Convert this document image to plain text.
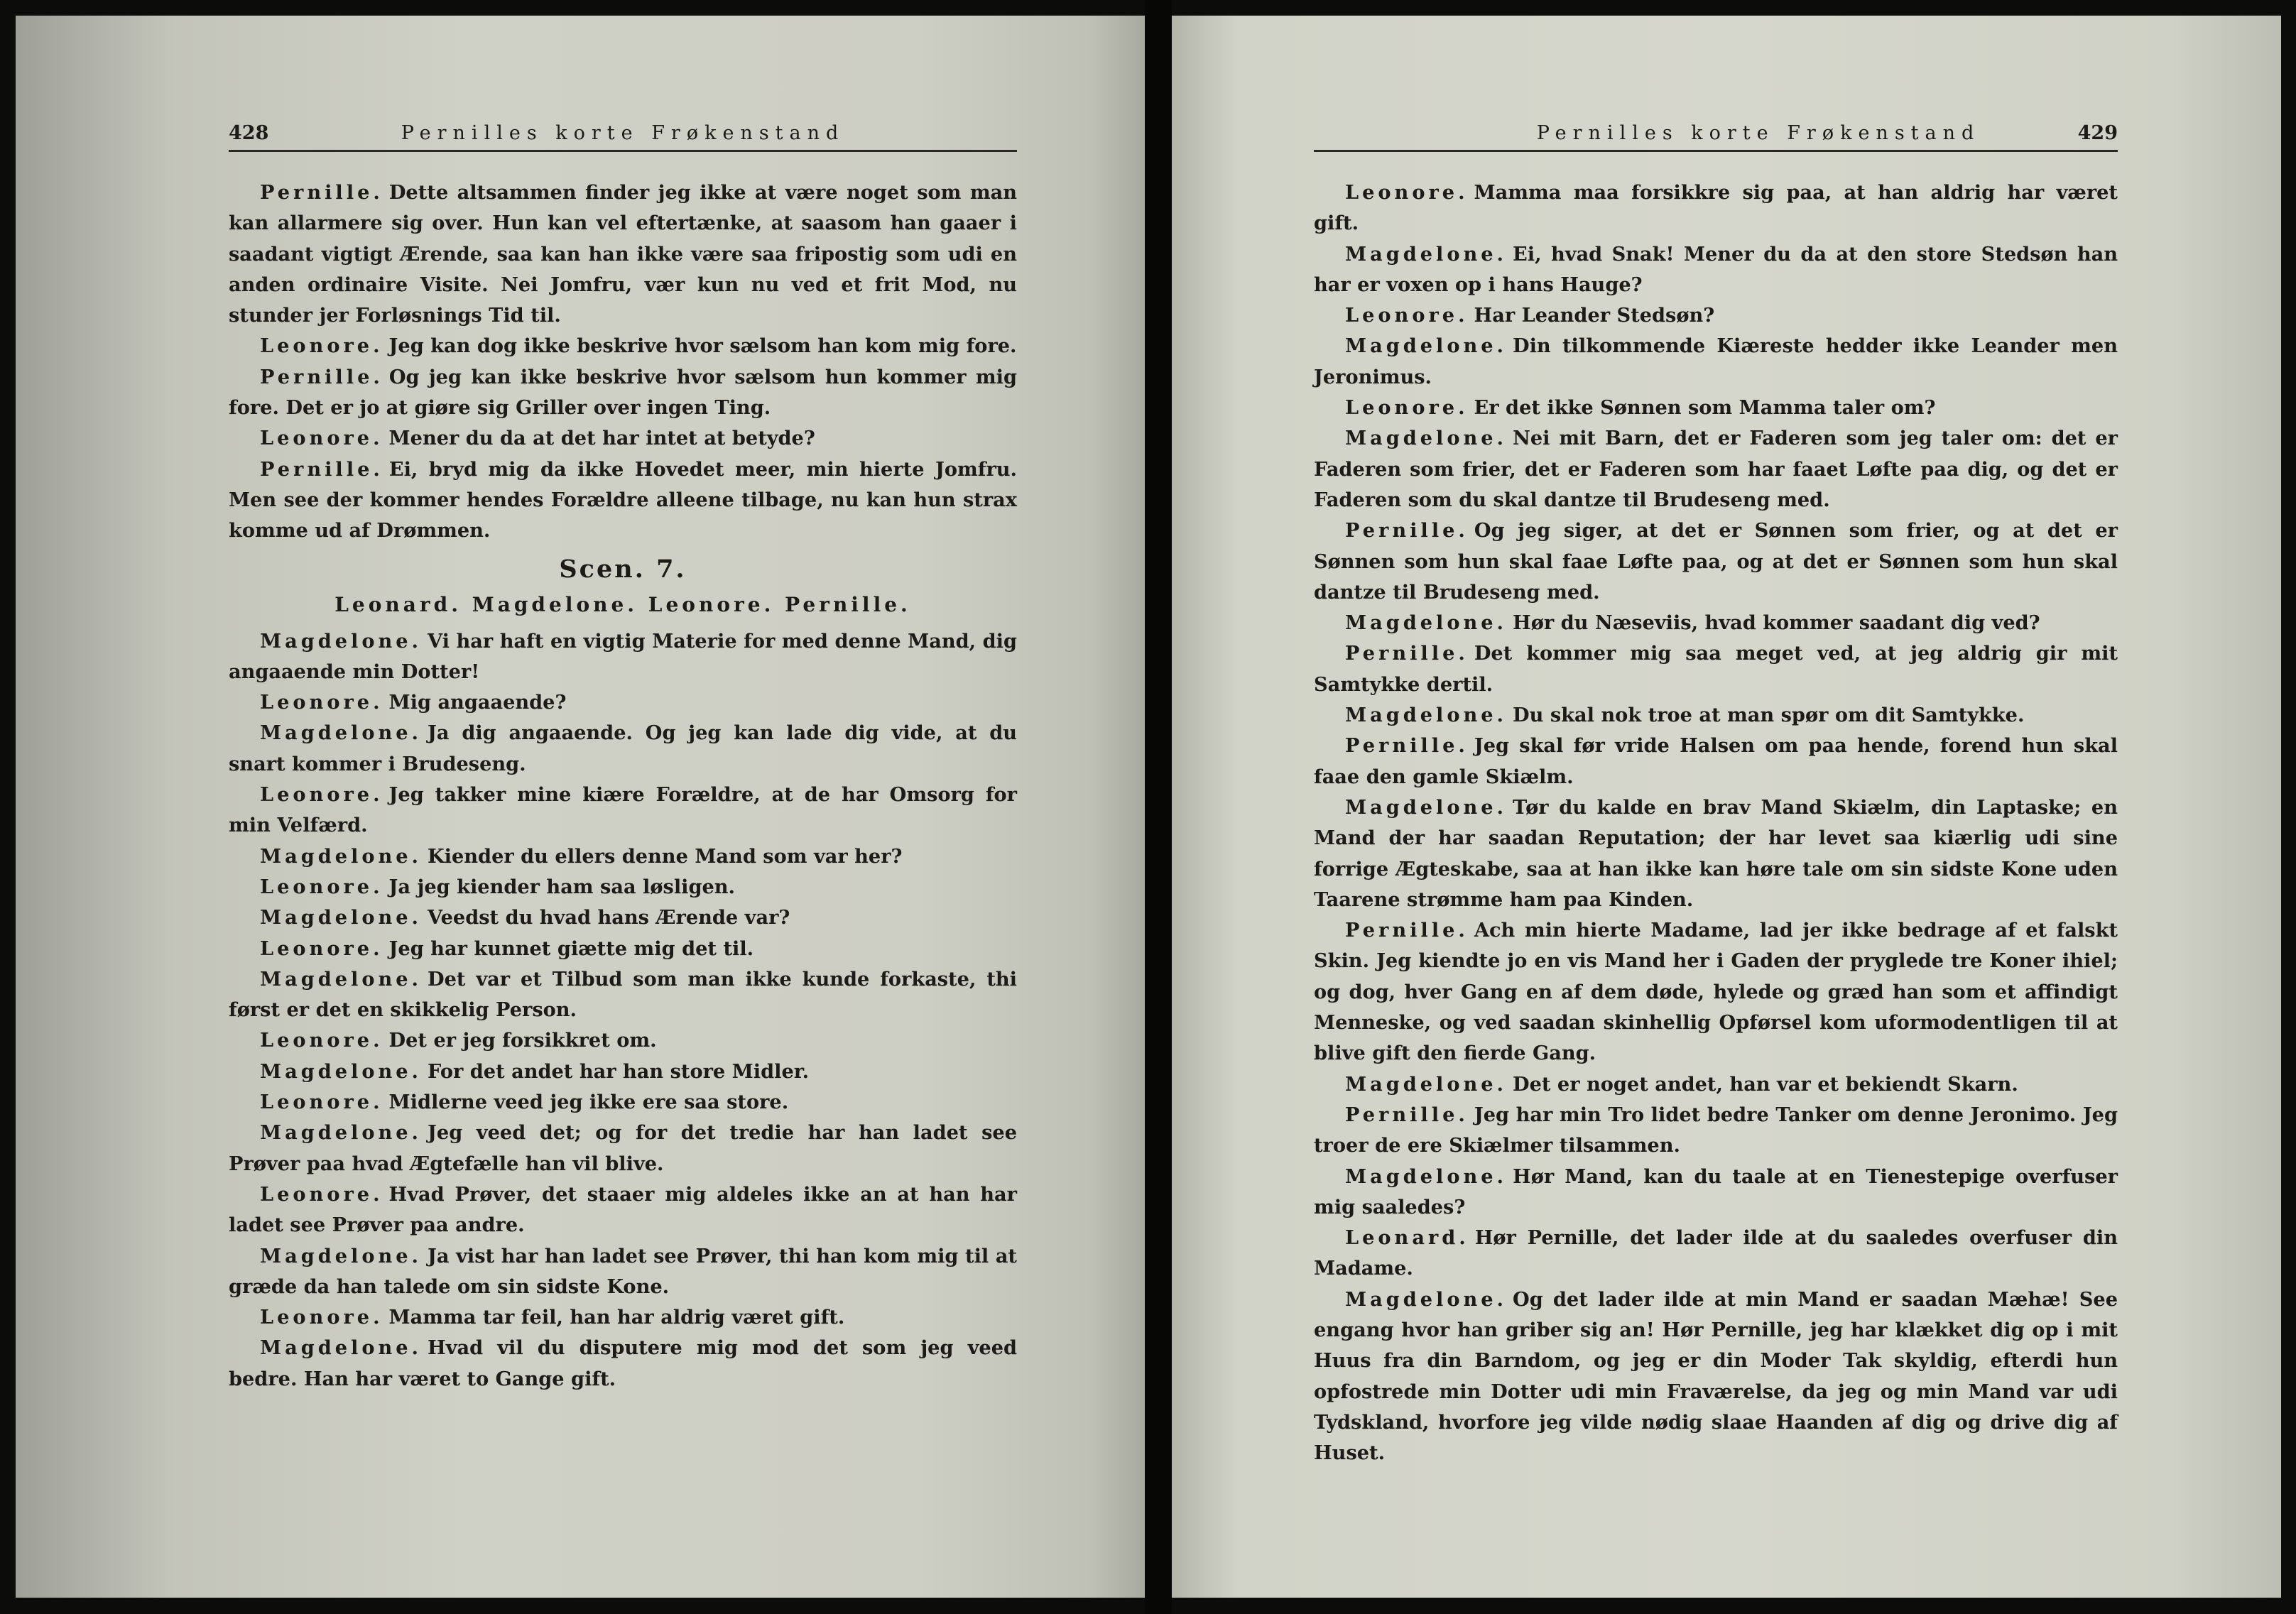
428	Pernilles korte Frøkenstand

Pernille. Dette altsammen finder jeg ikke at være noget som man kan allarmere sig over. Hun kan vel eftertænke, at saasom han gaaer i saadant vigtigt Ærende, saa kan han ikke være saa fripostig som udi en anden ordinaire Visite. Nei Jomfru, vær kun nu ved et frit Mod, nu stunder jer Forløsnings Tid til.

Leonore. Jeg kan dog ikke beskrive hvor sælsom han kom mig fore.

Pernille. Og jeg kan ikke beskrive hvor sælsom hun kommer mig fore. Det er jo at giøre sig Griller over ingen Ting.

Leonore. Mener du da at det har intet at betyde?

Pernille. Ei, bryd mig da ikke Hovedet meer, min hierte Jomfru. Men see der kommer hendes Forældre alleene tilbage, nu kan hun strax komme ud af Drømmen.

Scen. 7.
Leonard. Magdelone. Leonore. Pernille.

Magdelone. Vi har haft en vigtig Materie for med denne Mand, dig angaaende min Dotter!

Leonore. Mig angaaende?

Magdelone. Ja dig angaaende. Og jeg kan lade dig vide, at du snart kommer i Brudeseng.

Leonore. Jeg takker mine kiære Forældre, at de har Omsorg for min Velfærd.

Magdelone. Kiender du ellers denne Mand som var her?

Leonore. Ja jeg kiender ham saa løsligen.

Magdelone. Veedst du hvad hans Ærende var?

Leonore. Jeg har kunnet giætte mig det til.

Magdelone. Det var et Tilbud som man ikke kunde forkaste, thi først er det en skikkelig Person.

Leonore. Det er jeg forsikkret om.

Magdelone. For det andet har han store Midler.

Leonore. Midlerne veed jeg ikke ere saa store.

Magdelone. Jeg veed det; og for det tredie har han ladet see Prøver paa hvad Ægtefælle han vil blive.

Leonore. Hvad Prøver, det staaer mig aldeles ikke an at han har ladet see Prøver paa andre.

Magdelone. Ja vist har han ladet see Prøver, thi han kom mig til at græde da han talede om sin sidste Kone.

Leonore. Mamma tar feil, han har aldrig været gift.

Magdelone. Hvad vil du disputere mig mod det som jeg veed bedre. Han har været to Gange gift.

Pernilles korte Frøkenstand	429

Leonore. Mamma maa forsikkre sig paa, at han aldrig har været gift.

Magdelone. Ei, hvad Snak! Mener du da at den store Stedsøn han har er voxen op i hans Hauge?

Leonore. Har Leander Stedsøn?

Magdelone. Din tilkommende Kiæreste hedder ikke Leander men Jeronimus.

Leonore. Er det ikke Sønnen som Mamma taler om?

Magdelone. Nei mit Barn, det er Faderen som jeg taler om: det er Faderen som frier, det er Faderen som har faaet Løfte paa dig, og det er Faderen som du skal dantze til Brudeseng med.

Pernille. Og jeg siger, at det er Sønnen som frier, og at det er Sønnen som hun skal faae Løfte paa, og at det er Sønnen som hun skal dantze til Brudeseng med.

Magdelone. Hør du Næseviis, hvad kommer saadant dig ved?

Pernille. Det kommer mig saa meget ved, at jeg aldrig gir mit Samtykke dertil.

Magdelone. Du skal nok troe at man spør om dit Samtykke.

Pernille. Jeg skal før vride Halsen om paa hende, forend hun skal faae den gamle Skiælm.

Magdelone. Tør du kalde en brav Mand Skiælm, din Laptaske; en Mand der har saadan Reputation; der har levet saa kiærlig udi sine forrige Ægteskabe, saa at han ikke kan høre tale om sin sidste Kone uden Taarene strømme ham paa Kinden.

Pernille. Ach min hierte Madame, lad jer ikke bedrage af et falskt Skin. Jeg kiendte jo en vis Mand her i Gaden der pryglede tre Koner ihiel; og dog, hver Gang en af dem døde, hylede og græd han som et affindigt Menneske, og ved saadan skinhellig Opførsel kom uformodentligen til at blive gift den fierde Gang.

Magdelone. Det er noget andet, han var et bekiendt Skarn.

Pernille. Jeg har min Tro lidet bedre Tanker om denne Jeronimo. Jeg troer de ere Skiælmer tilsammen.

Magdelone. Hør Mand, kan du taale at en Tienestepige overfuser mig saaledes?

Leonard. Hør Pernille, det lader ilde at du saaledes overfuser din Madame.

Magdelone. Og det lader ilde at min Mand er saadan Mæhæ! See engang hvor han griber sig an! Hør Pernille, jeg har klækket dig op i mit Huus fra din Barndom, og jeg er din Moder Tak skyldig, efterdi hun opfostrede min Dotter udi min Fraværelse, da jeg og min Mand var udi Tydskland, hvorfore jeg vilde nødig slaae Haanden af dig og drive dig af Huset.
